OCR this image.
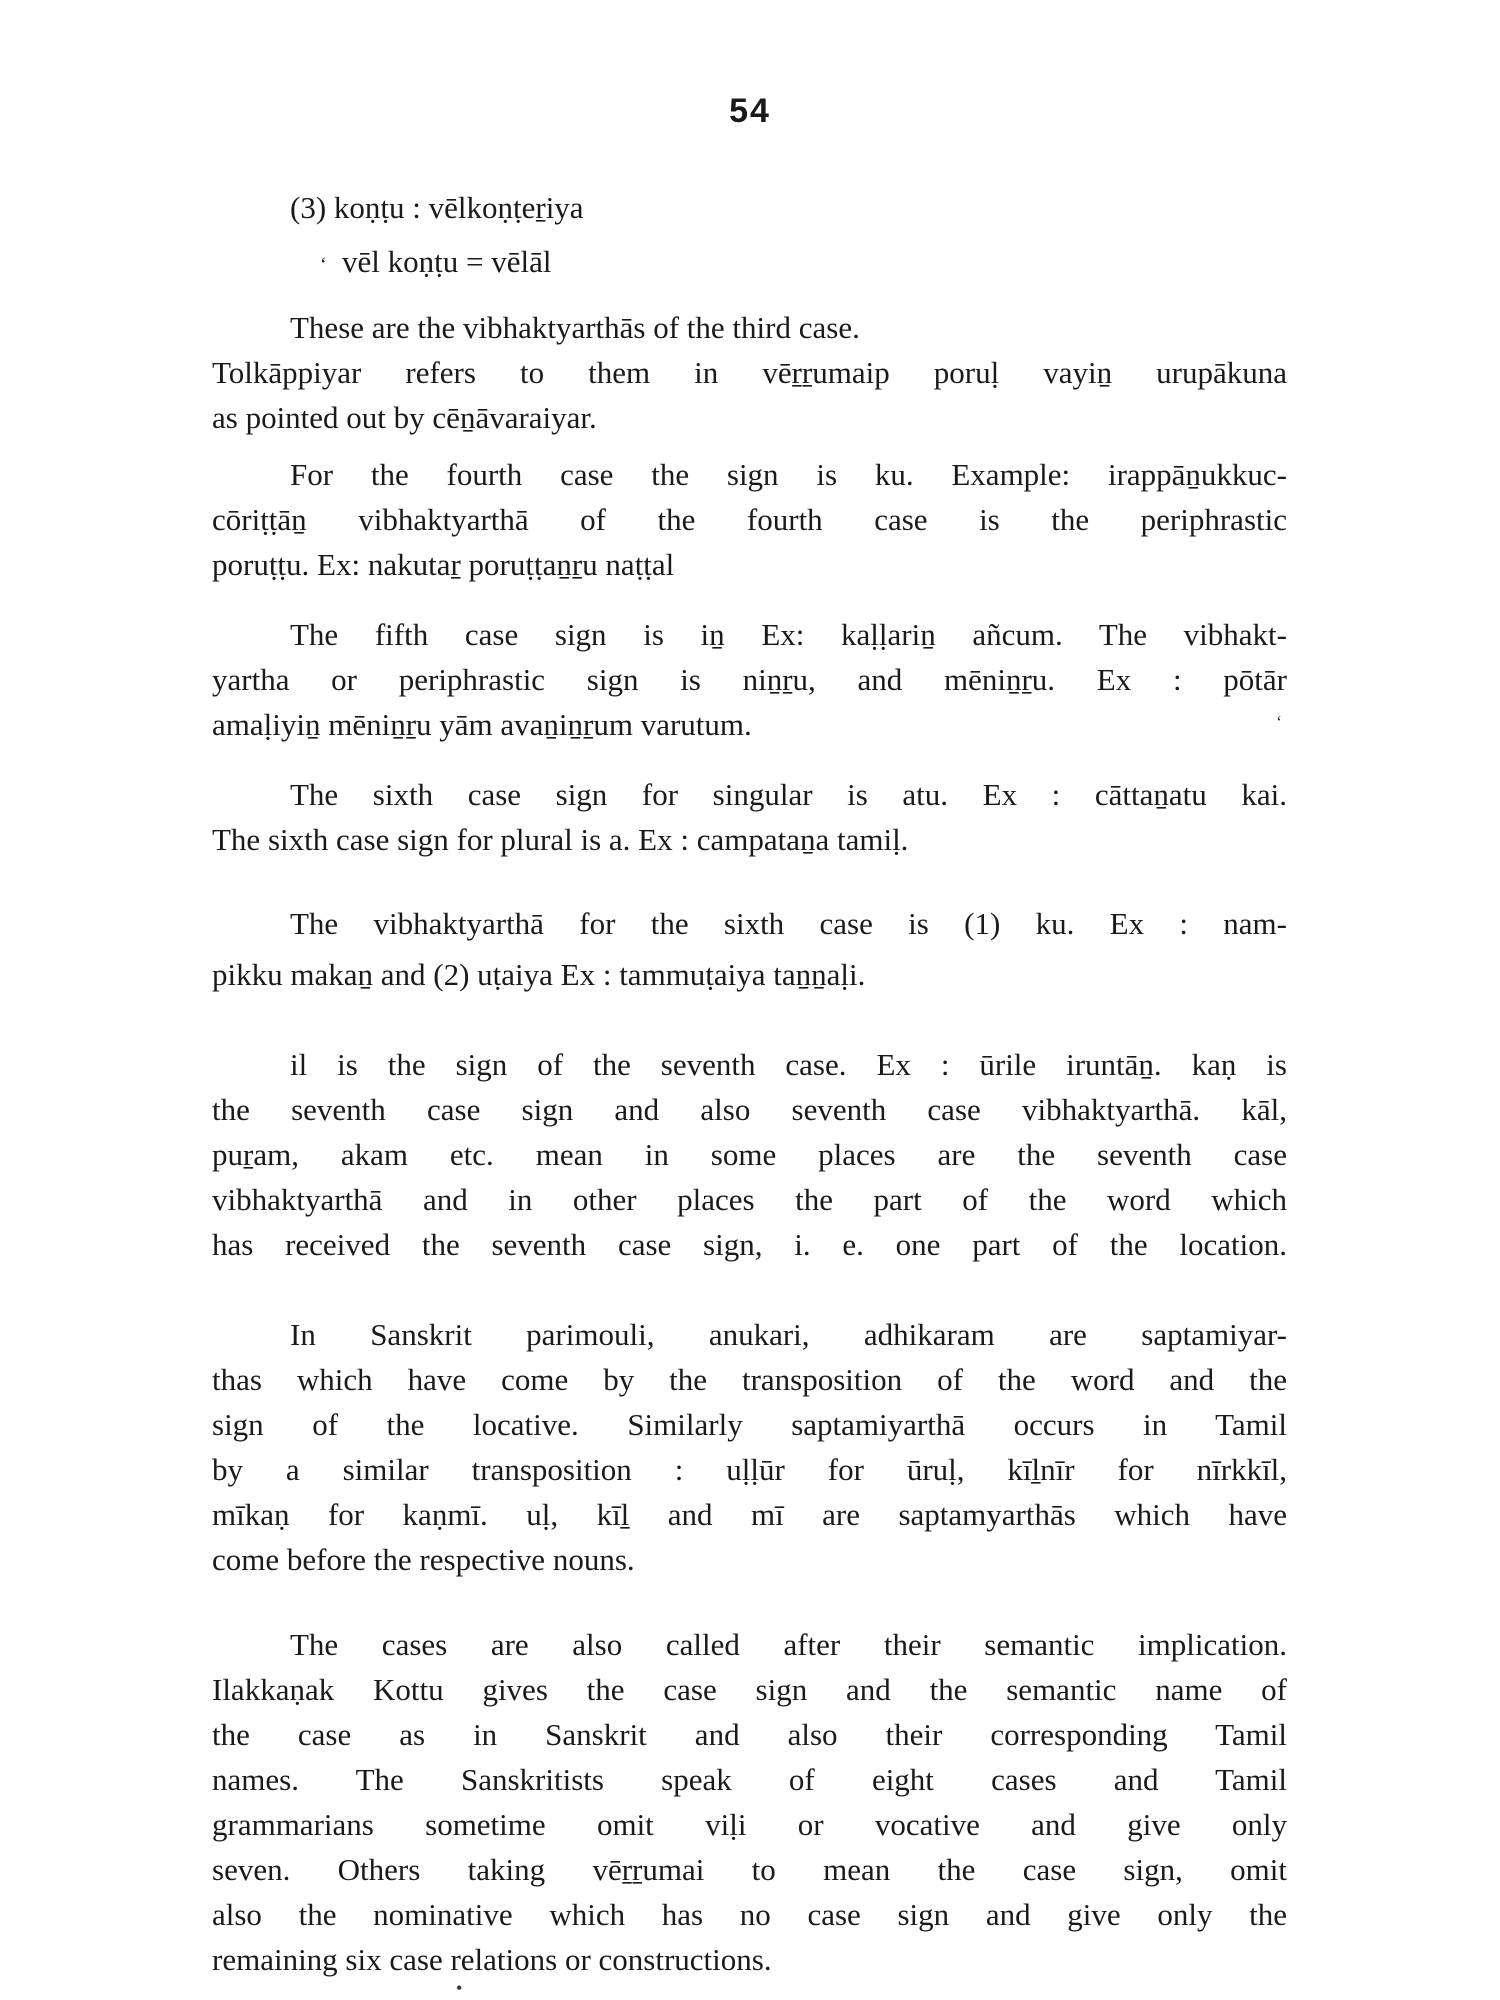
54
(3) koṇṭu : vēlkoṇṭeṟiya
‘ vēl koṇṭu = vēlāl
These are the vibhaktyarthās of the third case.
Tolkāppiyar refers to them in vēṟṟumaip poruḷ vayiṉ urupākuna
as pointed out by cēṉāvaraiyar.
For the fourth case the sign is ku. Example: irappāṉukkuc-
cōriṭṭāṉ vibhaktyarthā of the fourth case is the periphrastic
poruṭṭu. Ex: nakutaṟ poruṭṭaṉṟu naṭṭal
The fifth case sign is iṉ Ex: kaḷḷariṉ añcum. The vibhakt-
yartha or periphrastic sign is niṉṟu, and mēniṉṟu. Ex : pōtār
amaḷiyiṉ mēniṉṟu yām avaṉiṉṟum varutum.	‘
The sixth case sign for singular is atu. Ex : cāttaṉatu kai.
The sixth case sign for plural is a. Ex : campataṉa tamiḷ.
The vibhaktyarthā for the sixth case is (1) ku. Ex : nam-
pikku makaṉ and (2) uṭaiya Ex : tammuṭaiya taṉṉaḷi.
il is the sign of the seventh case. Ex : ūrile iruntāṉ. kaṇ is
the seventh case sign and also seventh case vibhaktyarthā. kāl,
puṟam, akam etc. mean in some places are the seventh case
vibhaktyarthā and in other places the part of the word which
has received the seventh case sign, i. e. one part of the location.
In Sanskrit parimouli, anukari, adhikaram are saptamiyar-
thas which have come by the transposition of the word and the
sign of the locative. Similarly saptamiyarthā occurs in Tamil
by a similar transposition : uḷḷūr for ūruḷ, kīḻnīr for nīrkkīl,
mīkaṇ for kaṇmī. uḷ, kīḻ and mī are saptamyarthās which have
come before the respective nouns.
The cases are also called after their semantic implication.
Ilakkaṇak Kottu gives the case sign and the semantic name of
the case as in Sanskrit and also their corresponding Tamil
names. The Sanskritists speak of eight cases and Tamil
grammarians sometime omit viḷi or vocative and give only
seven. Others taking vēṟṟumai to mean the case sign, omit
also the nominative which has no case sign and give only the
remaining six case relations or constructions.
•
